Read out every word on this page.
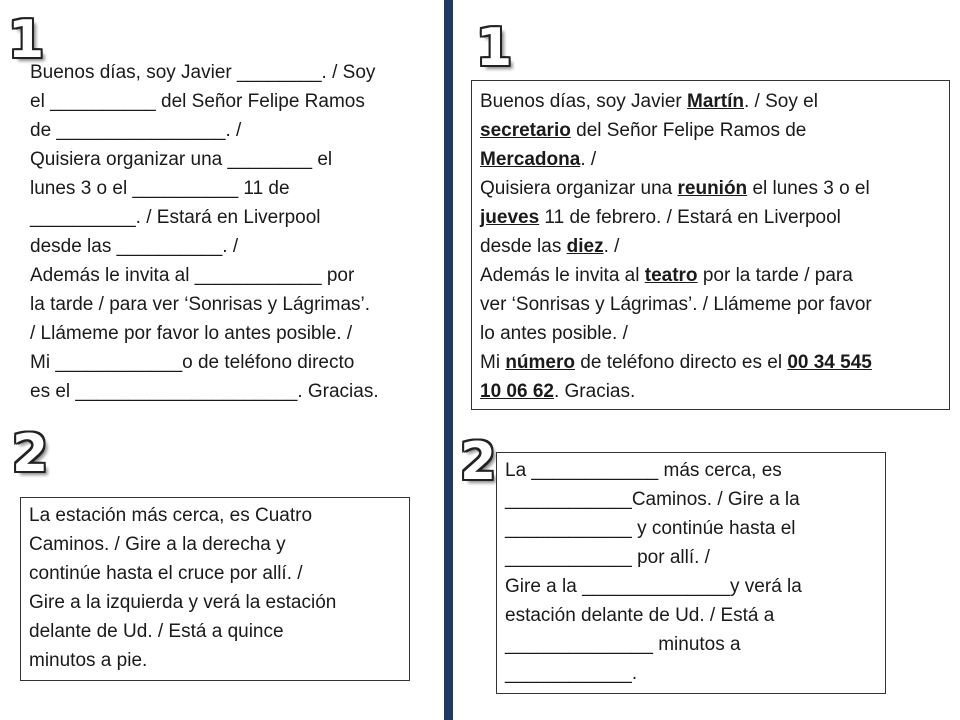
1	1
2	2
Buenos días, soy Javier ________. / Soy
el __________ del Señor Felipe Ramos
de ________________. /
Quisiera organizar una ________ el
lunes 3 o el __________ 11 de
__________. / Estará en Liverpool
desde las __________. /
Además le invita al ____________ por
la tarde / para ver ‘Sonrisas y Lágrimas’.
/ Llámeme por favor lo antes posible. /
Mi ____________o de teléfono directo
es el _____________________. Gracias.
Buenos días, soy Javier Martín. / Soy el
secretario del Señor Felipe Ramos de
Mercadona. /
Quisiera organizar una reunión el lunes 3 o el
jueves 11 de febrero. / Estará en Liverpool
desde las diez. /
Además le invita al teatro por la tarde / para
ver ‘Sonrisas y Lágrimas’. / Llámeme por favor
lo antes posible. /
Mi número de teléfono directo es el 00 34 545
10 06 62. Gracias.
La estación más cerca, es Cuatro
Caminos. / Gire a la derecha y
continúe hasta el cruce por allí. /
Gire a la izquierda y verá la estación
delante de Ud. / Está a quince
minutos a pie.
La ____________ más cerca, es
____________Caminos. / Gire a la
____________ y continúe hasta el
____________ por allí. /
Gire a la ______________y verá la
estación delante de Ud. / Está a
______________ minutos a
____________.
